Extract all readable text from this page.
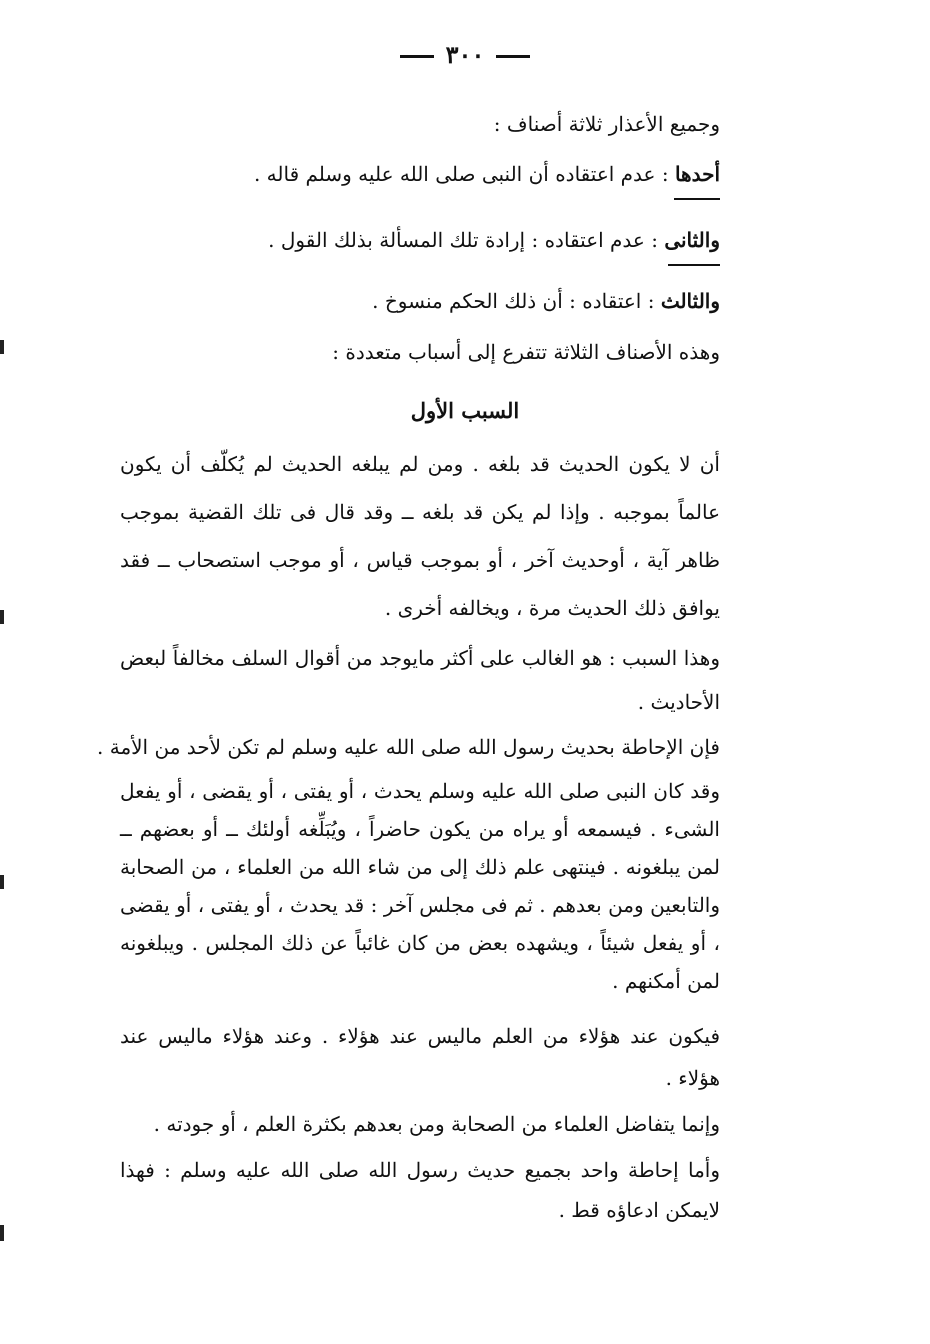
٣٠٠
وجميع الأعذار ثلاثة أصناف :
أحدها : عدم اعتقاده أن النبى صلى الله عليه وسلم قاله .
والثانى : عدم اعتقاده : إرادة تلك المسألة بذلك القول .
والثالث : اعتقاده : أن ذلك الحكم منسوخ .
وهذه الأصناف الثلاثة تتفرع إلى أسباب متعددة :
السبب الأول
أن لا يكون الحديث قد بلغه . ومن لم يبلغه الحديث لم يُكلّف أن يكون عالماً بموجبه . وإذا لم يكن قد بلغه ــ وقد قال فى تلك القضية بموجب ظاهر آية ، أوحديث آخر ، أو بموجب قياس ، أو موجب استصحاب ــ فقد يوافق ذلك الحديث مرة ، ويخالفه أخرى .
وهذا السبب : هو الغالب على أكثر مايوجد من أقوال السلف مخالفاً لبعض الأحاديث .
فإن الإحاطة بحديث رسول الله صلى الله عليه وسلم لم تكن لأحد من الأمة .
وقد كان النبى صلى الله عليه وسلم يحدث ، أو يفتى ، أو يقضى ، أو يفعل الشىء . فيسمعه أو يراه من يكون حاضراً ، ويُبَلِّغه أولئك ــ أو بعضهم ــ لمن يبلغونه . فينتهى علم ذلك إلى من شاء الله من العلماء ، من الصحابة والتابعين ومن بعدهم . ثم فى مجلس آخر : قد يحدث ، أو يفتى ، أو يقضى ، أو يفعل شيئاً ، ويشهده بعض من كان غائباً عن ذلك المجلس . ويبلغونه لمن أمكنهم .
فيكون عند هؤلاء من العلم ماليس عند هؤلاء . وعند هؤلاء ماليس عند هؤلاء .
وإنما يتفاضل العلماء من الصحابة ومن بعدهم بكثرة العلم ، أو جودته .
وأما إحاطة واحد بجميع حديث رسول الله صلى الله عليه وسلم : فهذا لايمكن ادعاؤه قط .
